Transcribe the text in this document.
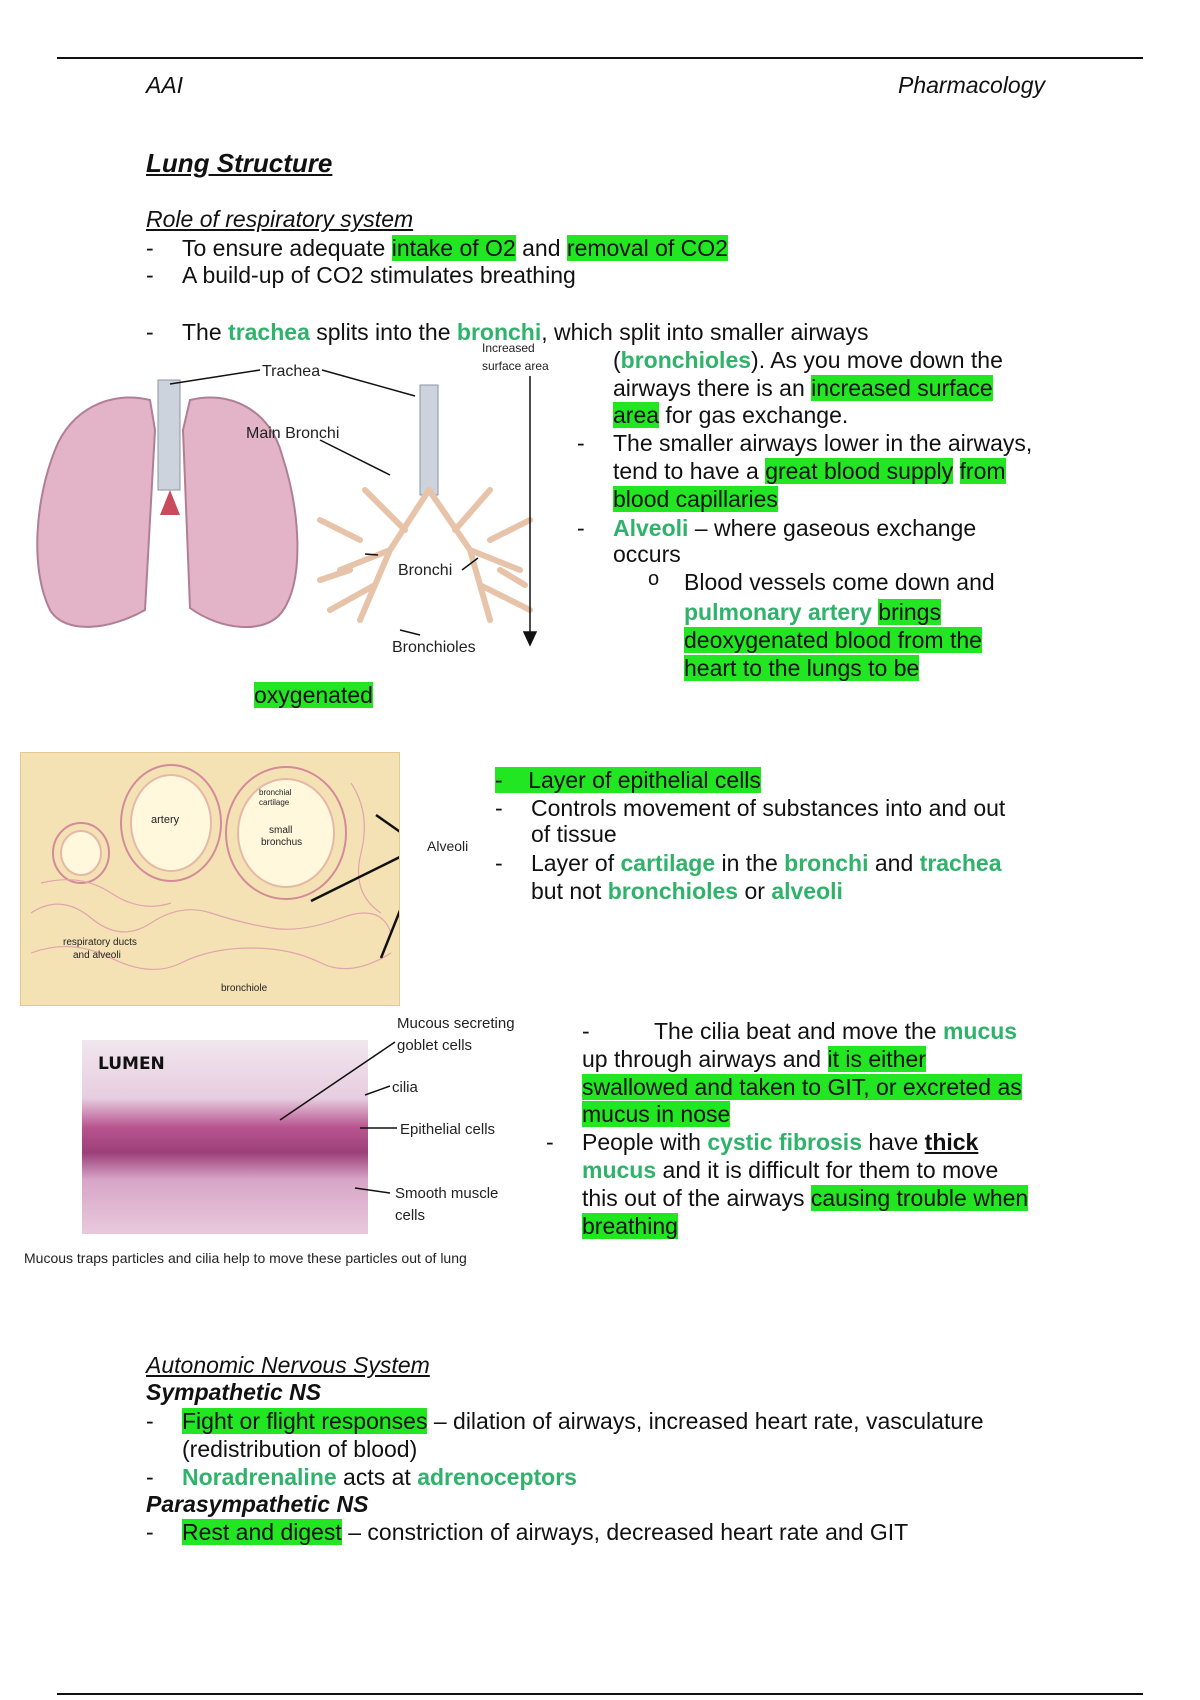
AAI	Pharmacology
Lung Structure
Role of respiratory system
- To ensure adequate intake of O2 and removal of CO2
- A build-up of CO2 stimulates breathing
- The trachea splits into the bronchi, which split into smaller airways
(bronchioles). As you move down the
airways there is an increased surface
area for gas exchange.
- The smaller airways lower in the airways,
tend to have a great blood supply from
blood capillaries
- Alveoli – where gaseous exchange
occurs
o Blood vessels come down and
pulmonary artery brings
deoxygenated blood from the
heart to the lungs to be
oxygenated
Trachea
Main Bronchi
Bronchi
Bronchioles
Increased
surface area
artery
bronchial
cartilage
small
bronchus
respiratory ducts
and alveoli
bronchiole
Alveoli
- Layer of epithelial cells
- Controls movement of substances into and out
of tissue
- Layer of cartilage in the bronchi and trachea
but not bronchioles or alveoli
LUMEN
Mucous secreting
goblet cells
cilia
Epithelial cells
Smooth muscle
cells
Mucous traps particles and cilia help to move these particles out of lung
-	The cilia beat and move the mucus
up through airways and it is either
swallowed and taken to GIT, or excreted as
mucus in nose
- People with cystic fibrosis have thick
mucus and it is difficult for them to move
this out of the airways causing trouble when
breathing
Autonomic Nervous System
Sympathetic NS
- Fight or flight responses – dilation of airways, increased heart rate, vasculature
(redistribution of blood)
- Noradrenaline acts at adrenoceptors
Parasympathetic NS
- Rest and digest – constriction of airways, decreased heart rate and GIT
